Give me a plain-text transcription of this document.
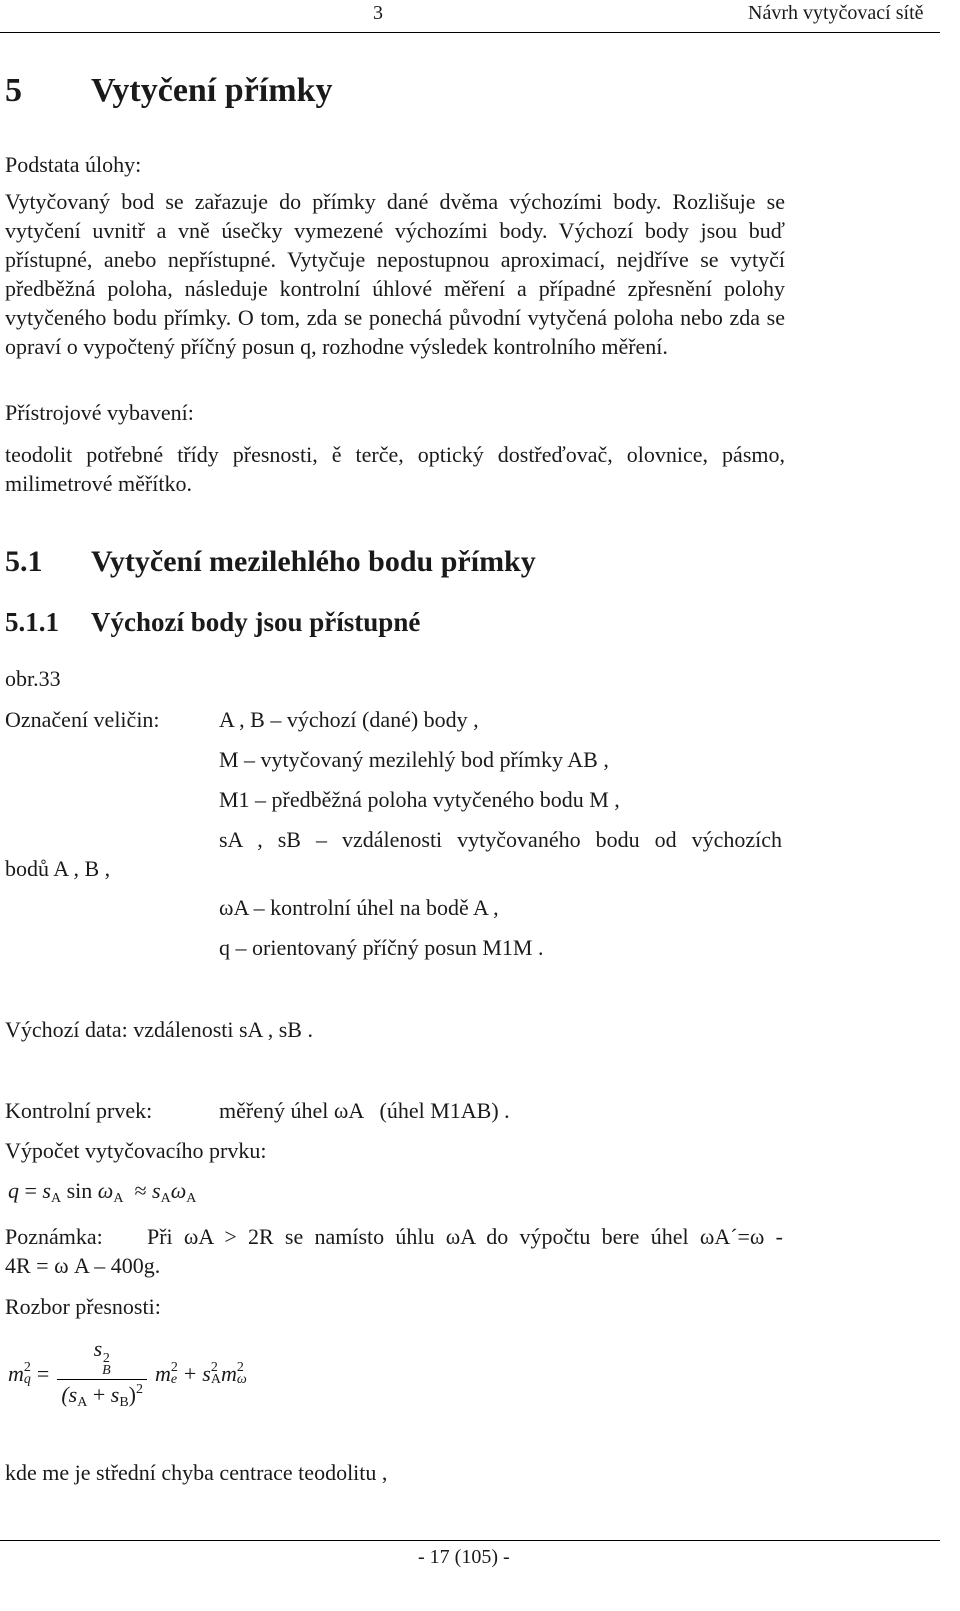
3	Návrh vytyčovací sítě
5 Vytyčení přímky
Podstata úlohy:
Vytyčovaný bod se zařazuje do přímky dané dvěma výchozími body. Rozlišuje se vytyčení uvnitř a vně úsečky vymezené výchozími body. Výchozí body jsou buď přístupné, anebo nepřístupné. Vytyčuje nepostupnou aproximací, nejdříve se vytyčí předběžná poloha, následuje kontrolní úhlové měření a případné zpřesnění polohy vytyčeného bodu přímky. O tom, zda se ponechá původní vytyčená poloha nebo zda se opraví o vypočtený příčný posun q, rozhodne výsledek kontrolního měření.
Přístrojové vybavení:
teodolit potřebné třídy přesnosti, ě terče, optický dostřeďovač, olovnice, pásmo, milimetrové měřítko.
5.1 Vytyčení mezilehlého bodu přímky
5.1.1 Výchozí body jsou přístupné
obr.33
Označení veličin:	A , B – výchozí (dané) body ,
M – vytyčovaný mezilehlý bod přímky AB ,
M1 – předběžná poloha vytyčeného bodu M ,
sA , sB – vzdálenosti vytyčovaného bodu od výchozích
bodů A , B ,
ωA – kontrolní úhel na bodě A ,
q – orientovaný příčný posun M1M .
Výchozí data: vzdálenosti sA , sB .
Kontrolní prvek:	měřený úhel ωA   (úhel M1AB) .
Výpočet vytyčovacího prvku:
$q = s_A$ $\sin \omega_A \approx s_A\omega_A$
Poznámka: Při ωA > 2R se namísto úhlu ωA do výpočtu bere úhel ωA´=ω -
4R = ω A – 400g.
Rozbor přesnosti:
m 2
q = s 2
B
$(s_A + s_B)^2$ m 2
e + s 2
A m 2
ω
kde me je střední chyba centrace teodolitu ,
- 17 (105) -
